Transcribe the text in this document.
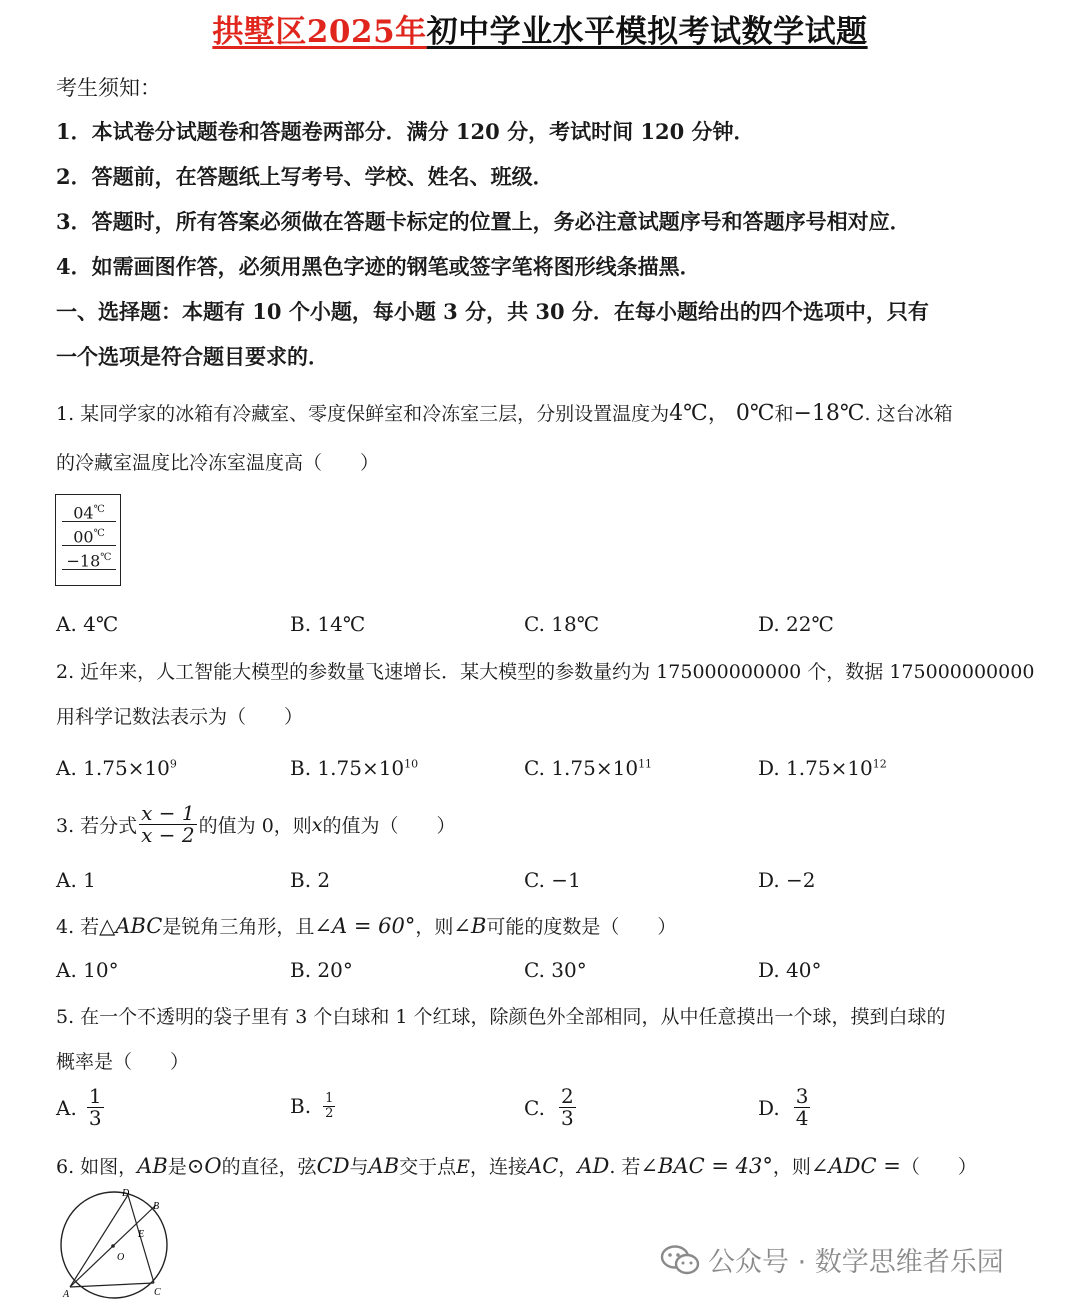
拱墅区2025年初中学业水平模拟考试数学试题
考生须知：
1．本试卷分试题卷和答题卷两部分．满分 120 分，考试时间 120 分钟．
2．答题前，在答题纸上写考号、学校、姓名、班级．
3．答题时，所有答案必须做在答题卡标定的位置上，务必注意试题序号和答题序号相对应．
4．如需画图作答，必须用黑色字迹的钢笔或签字笔将图形线条描黑．
一、选择题：本题有 10 个小题，每小题 3 分，共 30 分．在每小题给出的四个选项中，只有
一个选项是符合题目要求的．
1. 某同学家的冰箱有冷藏室、零度保鲜室和冷冻室三层，分别设置温度为4℃， 0℃和−18℃. 这台冰箱
的冷藏室温度比冷冻室温度高（　　）
04℃
00℃
−18℃
A. 4℃	B. 14℃	C. 18℃	D. 22℃
2. 近年来，人工智能大模型的参数量飞速增长．某大模型的参数量约为 175000000000 个，数据 175000000000
用科学记数法表示为（　　）
A. $1.75\times 10^9$	B. $1.75\times 10^{10}$	C. $1.75\times 10^{11}$	D. $1.75\times 10^{12}$
3. 若分式 $\frac{x - 1}{x - 2}$ 的值为 0，则 x 的值为（　　）
A. 1	B. 2	C. −1	D. −2
4. 若△ABC是锐角三角形，且∠A = 60°，则∠B可能的度数是（　　）
A. 10°	B. 20°	C. 30°	D. 40°
5. 在一个不透明的袋子里有 3 个白球和 1 个红球，除颜色外全部相同，从中任意摸出一个球，摸到白球的
概率是（　　）
A. $\frac{1}{3}$	B. $\frac{1}{2}$	C. $\frac{2}{3}$	D. $\frac{3}{4}$
6. 如图，AB是⊙O的直径，弦CD与AB交于点E，连接AC，AD. 若∠BAC = 43°，则∠ADC =（　　）
D
B
E
O
A	C
公众号 · 数学思维者乐园
